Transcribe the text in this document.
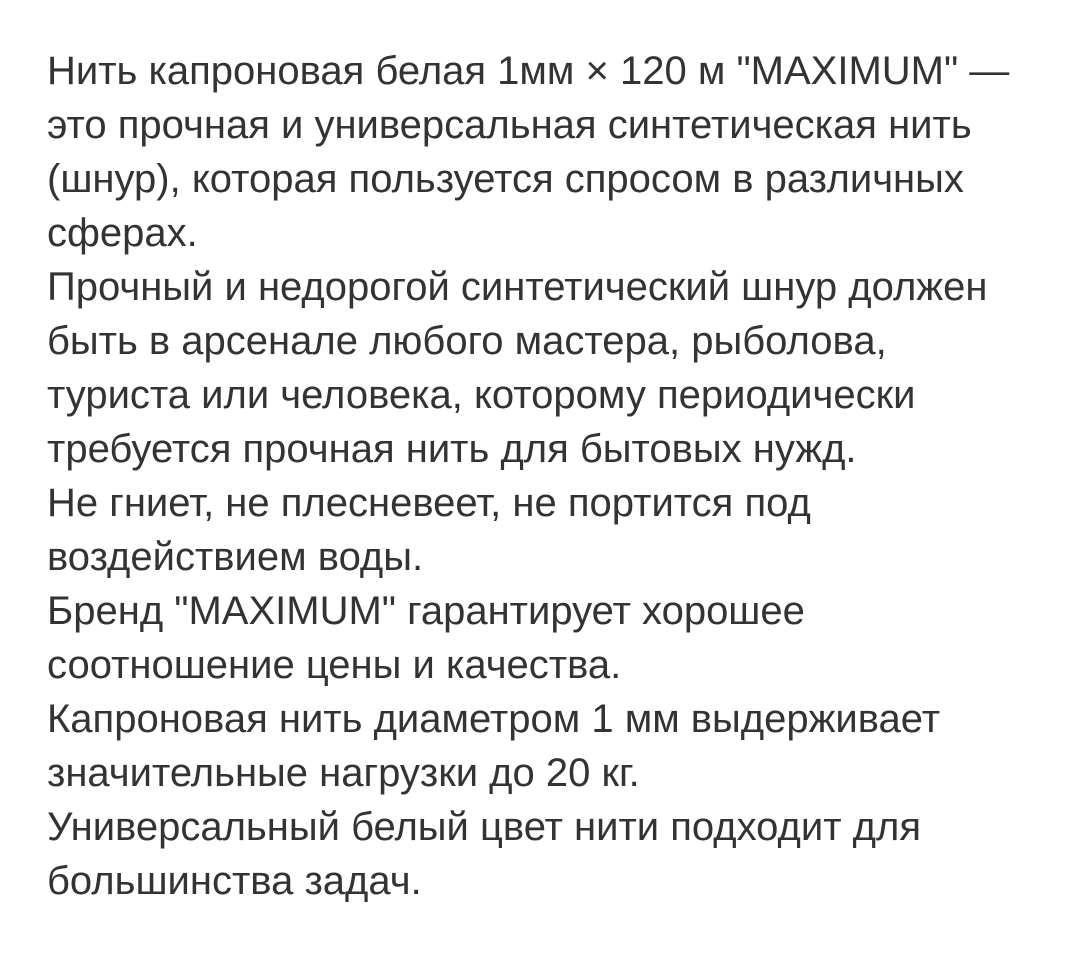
Нить капроновая белая 1мм × 120 м "MAXIMUM" — это прочная и универсальная синтетическая нить (шнур), которая пользуется спросом в различных сферах.

Прочный и недорогой синтетический шнур должен быть в арсенале любого мастера, рыболова, туриста или человека, которому периодически требуется прочная нить для бытовых нужд.

Не гниет, не плесневеет, не портится под воздействием воды.

Бренд "MAXIMUM" гарантирует хорошее соотношение цены и качества.

Капроновая нить диаметром 1 мм выдерживает значительные нагрузки до 20 кг.

Универсальный белый цвет нити подходит для большинства задач.
